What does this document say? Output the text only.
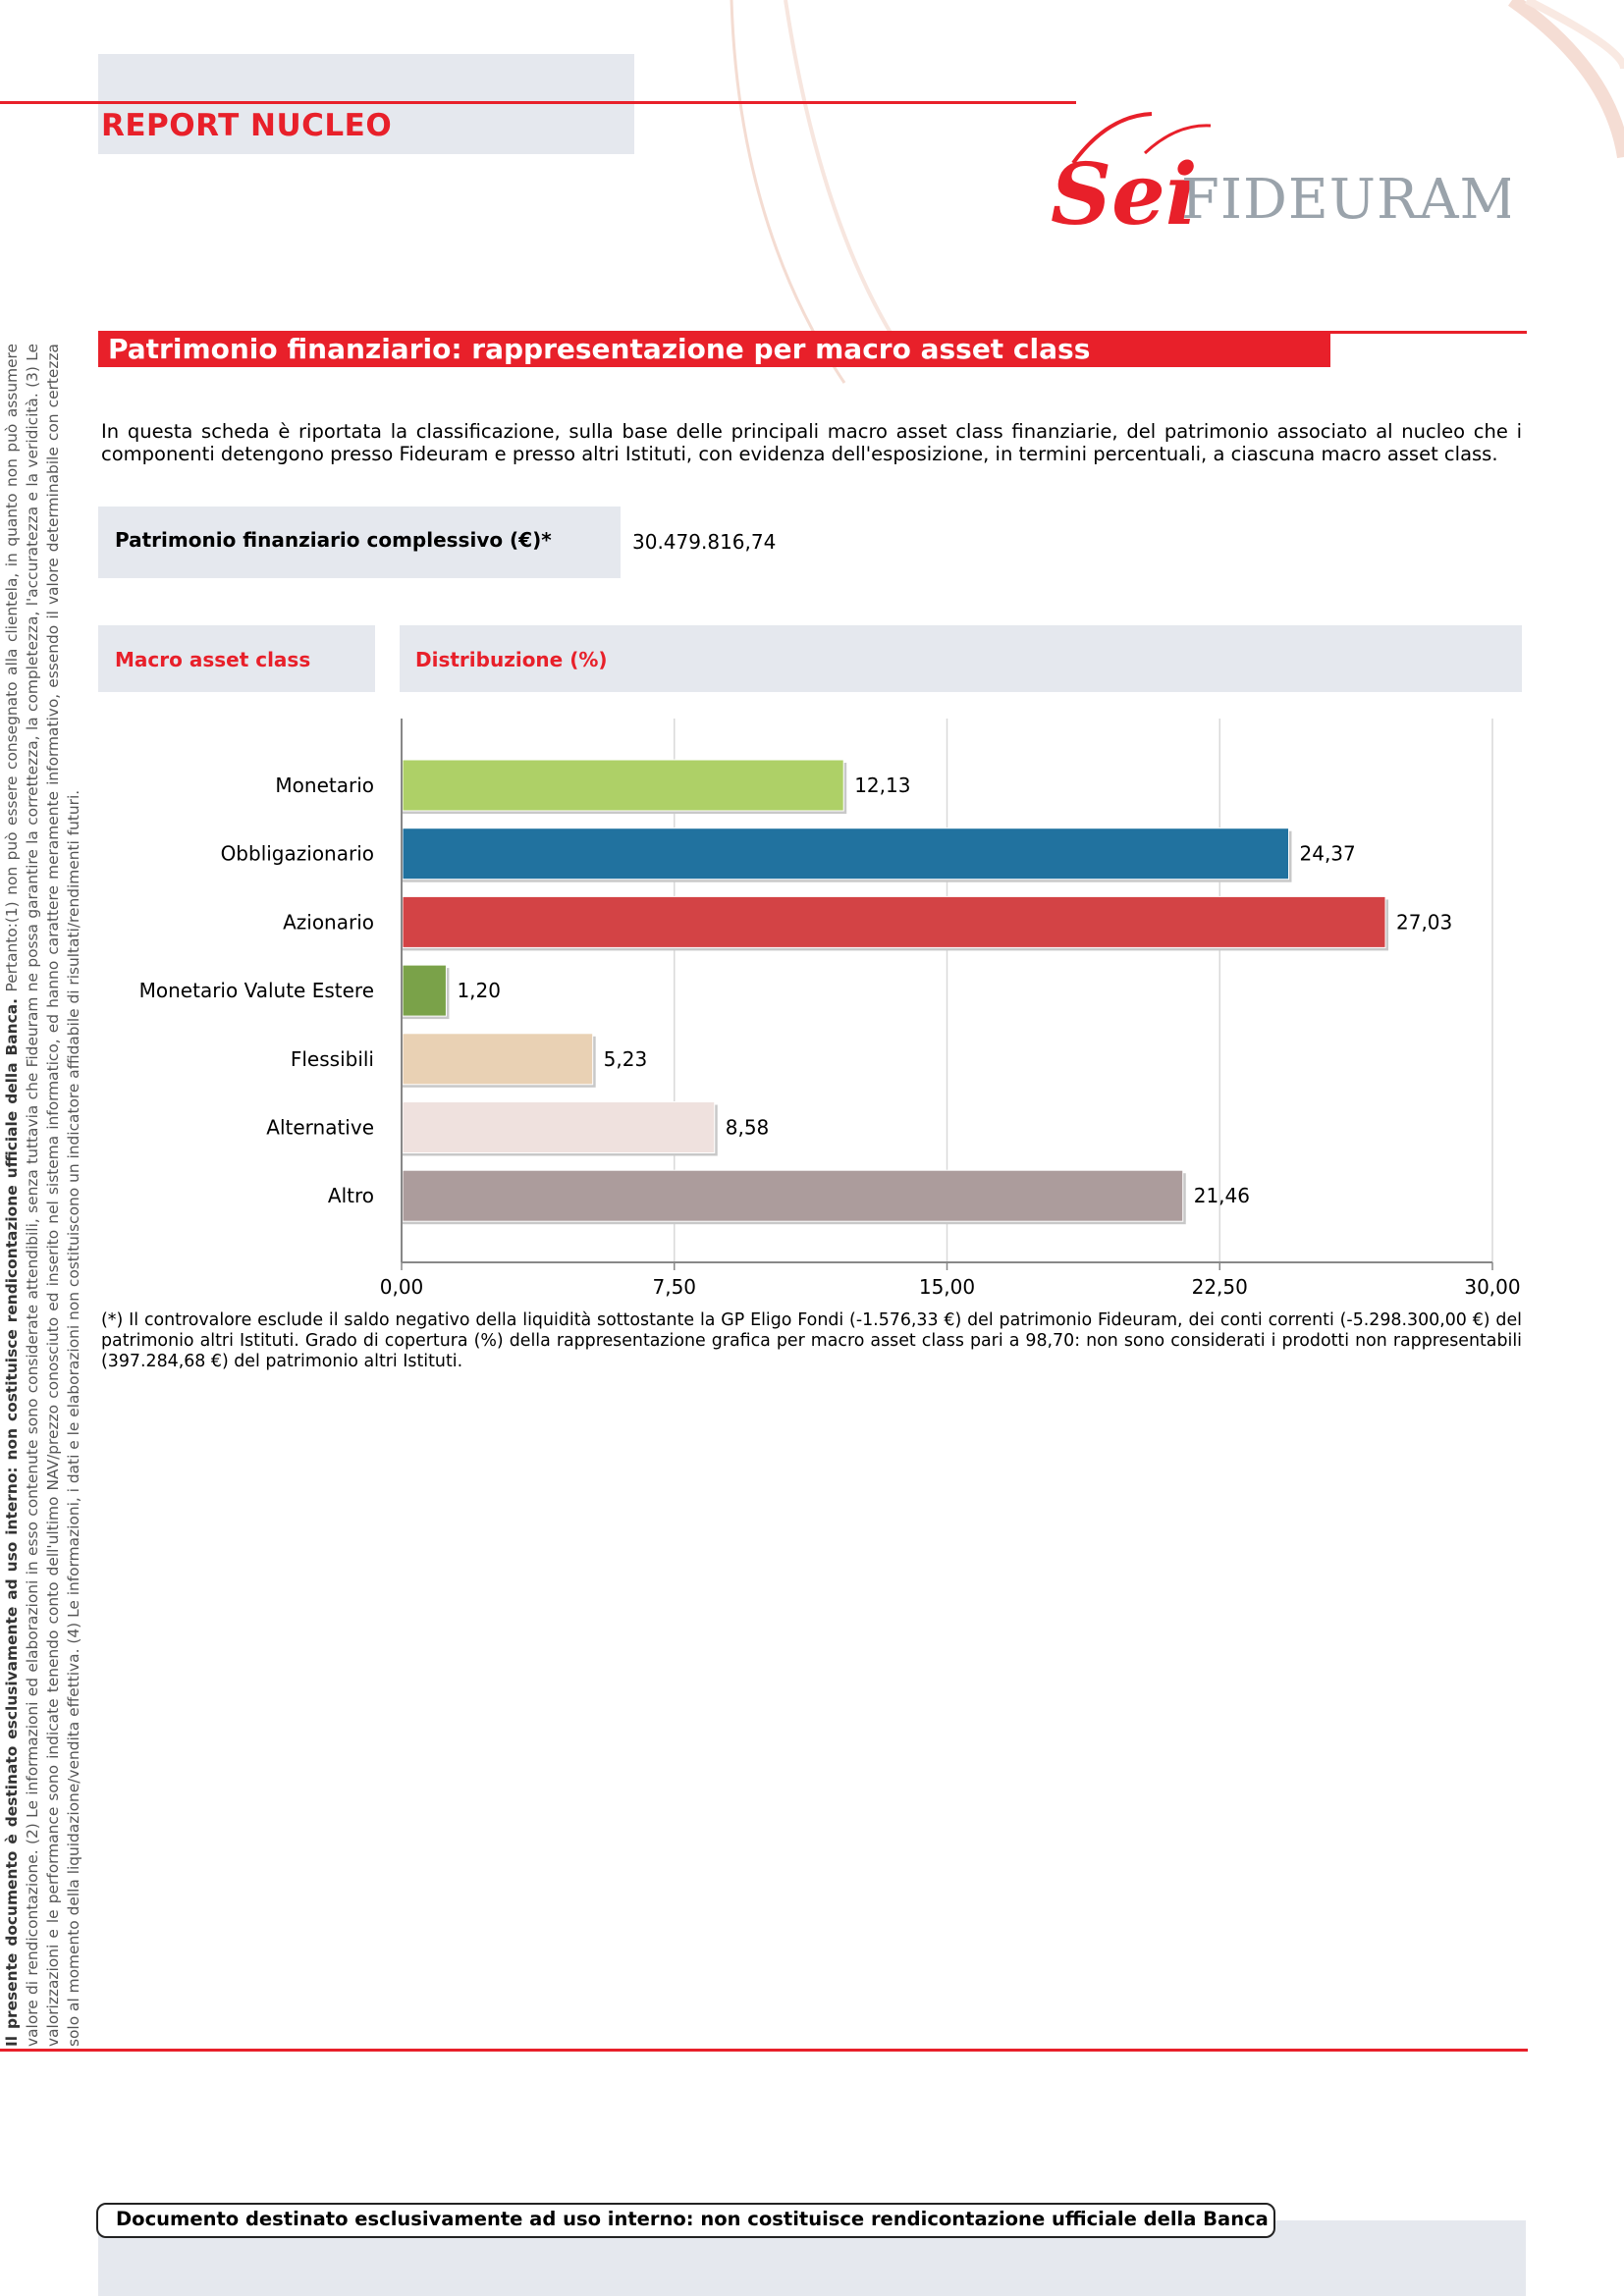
REPORT NUCLEO
Sei
FIDEURAM
Patrimonio finanziario: rappresentazione per macro asset class
In questa scheda è riportata la classificazione, sulla base delle principali macro asset class finanziarie, del patrimonio associato al nucleo che i componenti detengono presso Fideuram e presso altri Istituti, con evidenza dell'esposizione, in termini percentuali, a ciascuna macro asset class.
Patrimonio finanziario complessivo (€)*	30.479.816,74
Macro asset class	Distribuzione (%)
Monetario	12,13
Obbligazionario	24,37
Azionario	27,03
Monetario Valute Estere	1,20
Flessibili	5,23
Alternative	8,58
Altro	21,46
0,00	7,50	15,00	22,50	30,00
(*) Il controvalore esclude il saldo negativo della liquidità sottostante la GP Eligo Fondi (-1.576,33 €) del patrimonio Fideuram, dei conti correnti (-5.298.300,00 €) del patrimonio altri Istituti. Grado di copertura (%) della rappresentazione grafica per macro asset class pari a 98,70: non sono considerati i prodotti non rappresentabili (397.284,68 €) del patrimonio altri Istituti.
Il presente documento è destinato esclusivamente ad uso interno: non costituisce rendicontazione ufficiale della Banca. Pertanto:(1) non può essere consegnato alla clientela, in quanto non può assumere valore di rendicontazione. (2) Le informazioni ed elaborazioni in esso contenute sono considerate attendibili, senza tuttavia che Fideuram ne possa garantire la correttezza, la completezza, l'accuratezza e la veridicità. (3) Le valorizzazioni e le performance sono indicate tenendo conto dell'ultimo NAV/prezzo conosciuto ed inserito nel sistema informatico, ed hanno carattere meramente informativo, essendo il valore determinabile con certezza solo al momento della liquidazione/vendita effettiva. (4) Le informazioni, i dati e le elaborazioni non costituiscono un indicatore affidabile di risultati/rendimenti futuri.
Documento destinato esclusivamente ad uso interno: non costituisce rendicontazione ufficiale della Banca
